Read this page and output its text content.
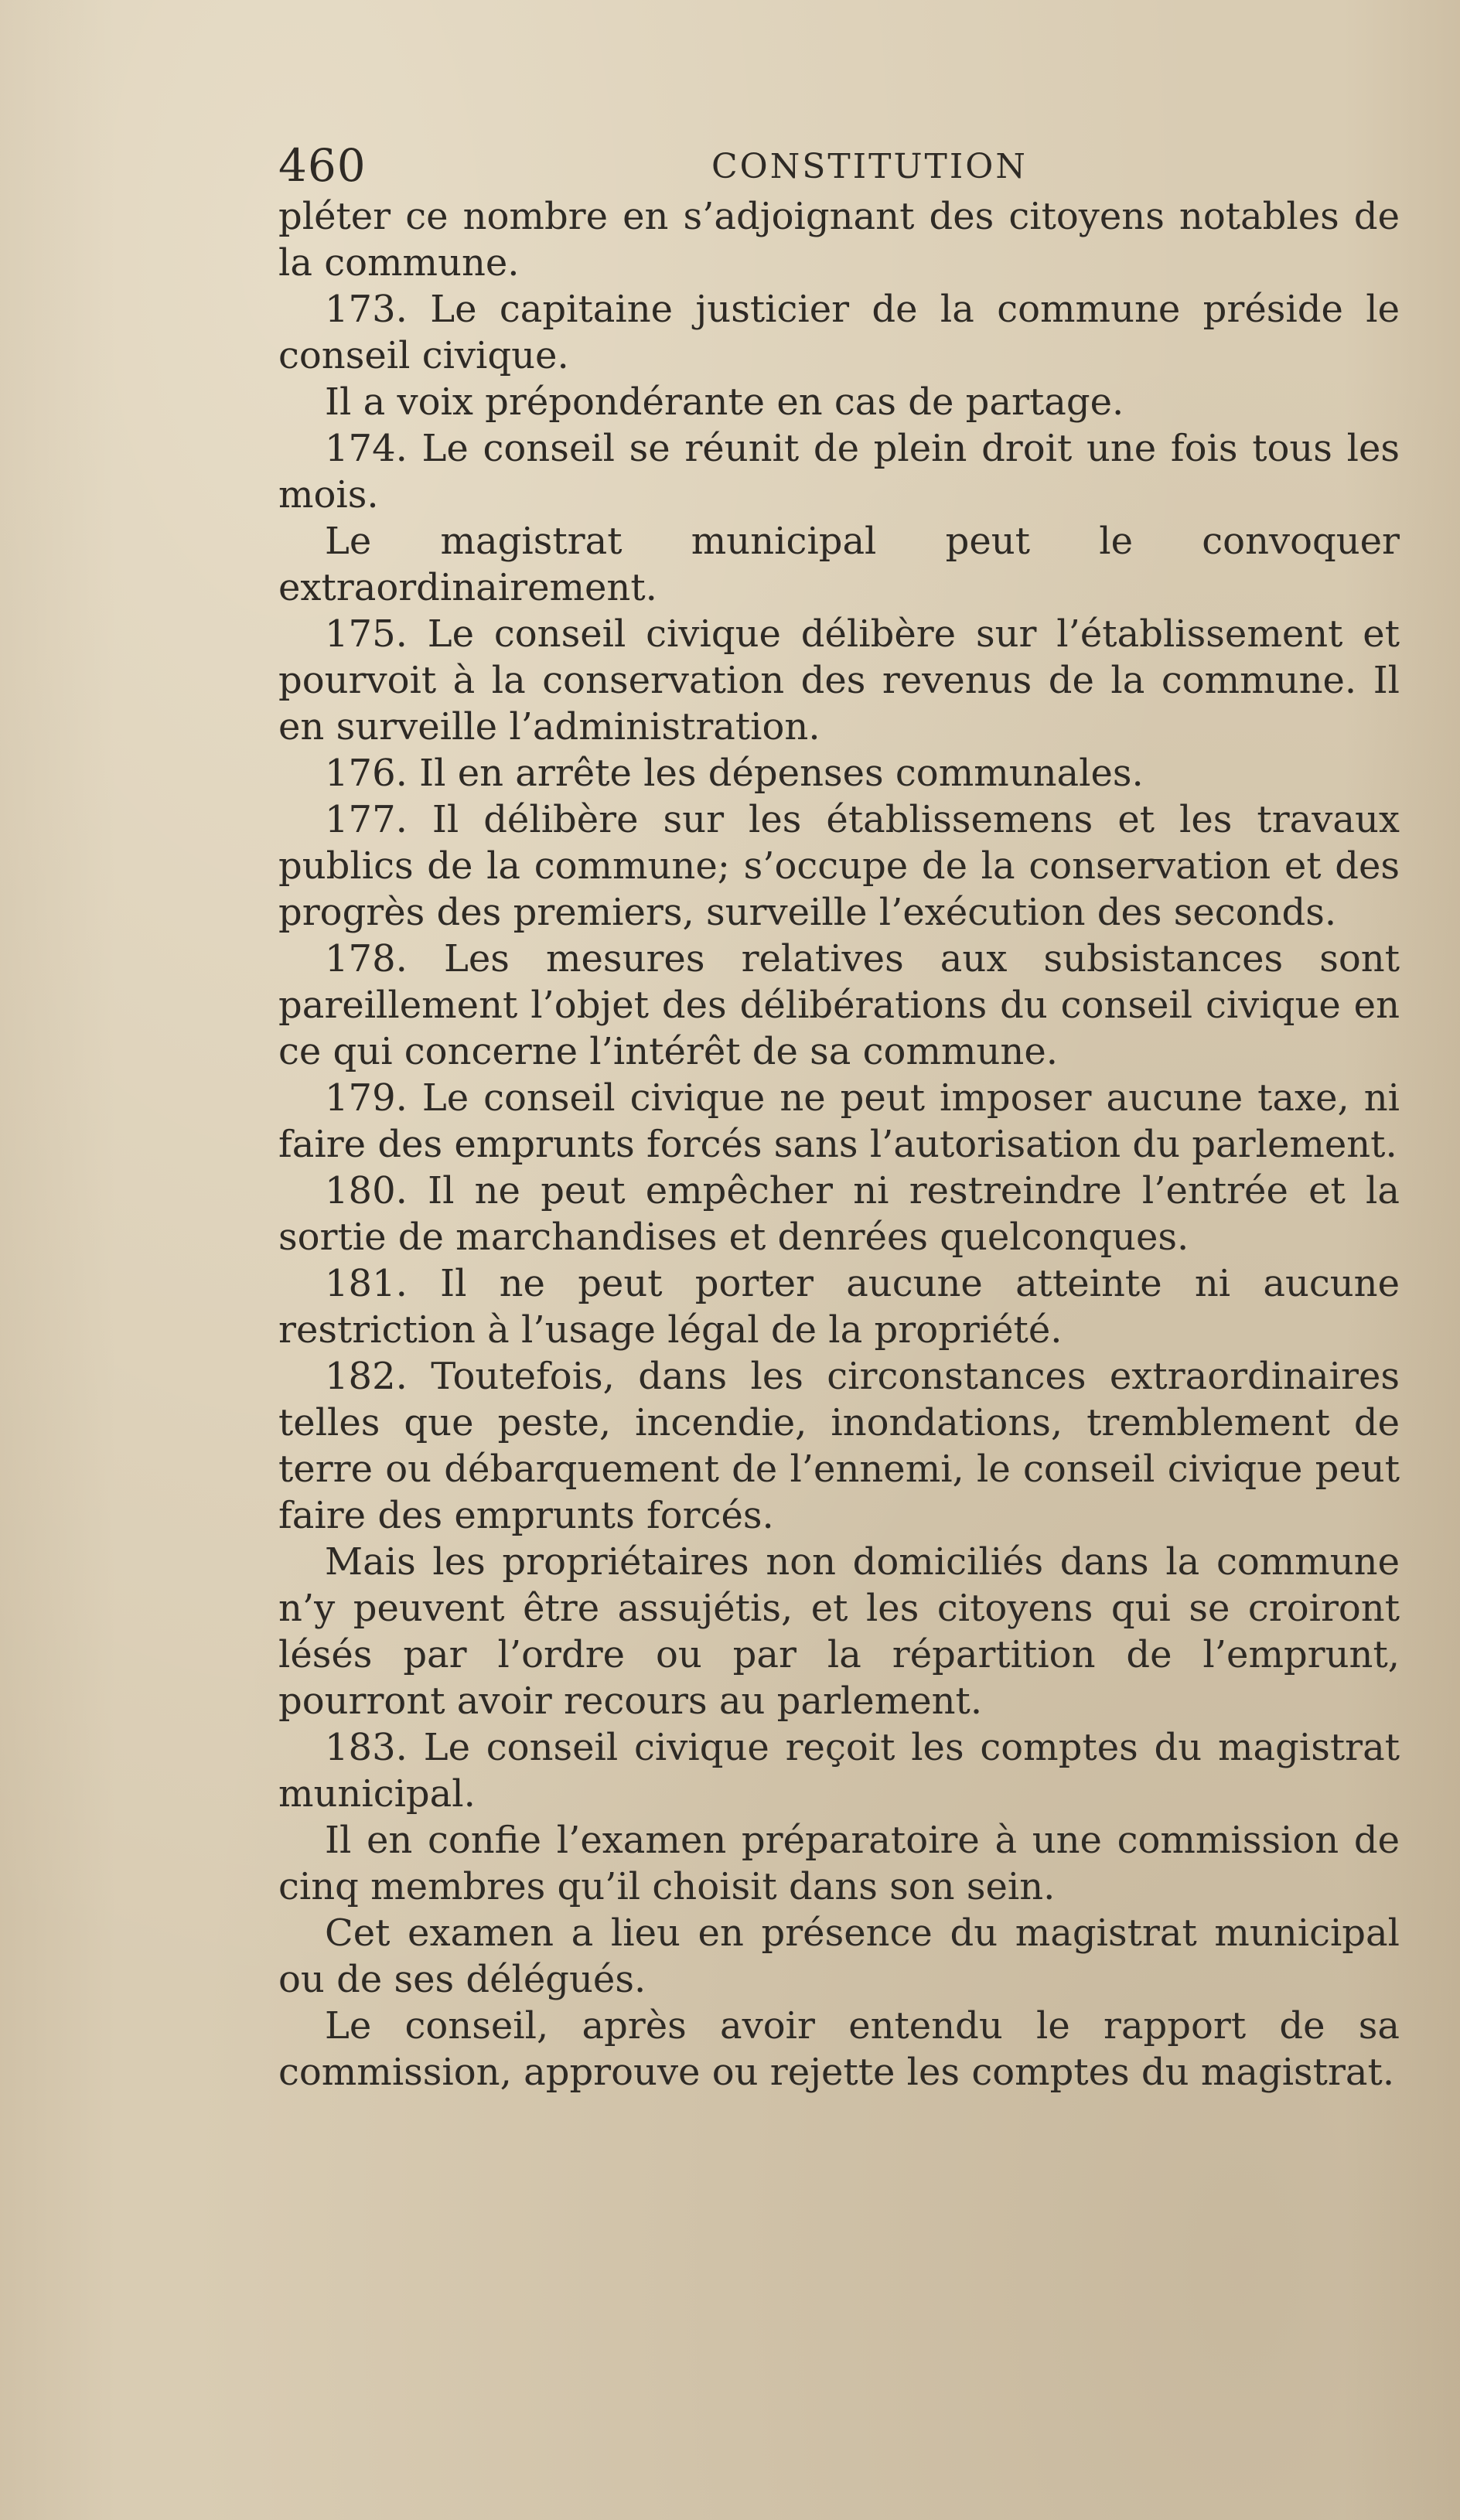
460	CONSTITUTION

pléter ce nombre en s’adjoignant des citoyens notables de la commune.

173. Le capitaine justicier de la commune préside le conseil civique.

Il a voix prépondérante en cas de partage.

174. Le conseil se réunit de plein droit une fois tous les mois.

Le magistrat municipal peut le convoquer extraordinairement.

175. Le conseil civique délibère sur l’établissement et pourvoit à la conservation des revenus de la commune. Il en surveille l’administration.

176. Il en arrête les dépenses communales.

177. Il délibère sur les établissemens et les travaux publics de la commune; s’occupe de la conservation et des progrès des premiers, surveille l’exécution des seconds.

178. Les mesures relatives aux subsistances sont pareillement l’objet des délibérations du conseil civique en ce qui concerne l’intérêt de sa commune.

179. Le conseil civique ne peut imposer aucune taxe, ni faire des emprunts forcés sans l’autorisation du parlement.

180. Il ne peut empêcher ni restreindre l’entrée et la sortie de marchandises et denrées quelconques.

181. Il ne peut porter aucune atteinte ni aucune restriction à l’usage légal de la propriété.

182. Toutefois, dans les circonstances extraordinaires telles que peste, incendie, inondations, tremblement de terre ou débarquement de l’ennemi, le conseil civique peut faire des emprunts forcés.

Mais les propriétaires non domiciliés dans la commune n’y peuvent être assujétis, et les citoyens qui se croiront lésés par l’ordre ou par la répartition de l’emprunt, pourront avoir recours au parlement.

183. Le conseil civique reçoit les comptes du magistrat municipal.

Il en confie l’examen préparatoire à une commission de cinq membres qu’il choisit dans son sein.

Cet examen a lieu en présence du magistrat municipal ou de ses délégués.

Le conseil, après avoir entendu le rapport de sa commission, approuve ou rejette les comptes du magistrat.
